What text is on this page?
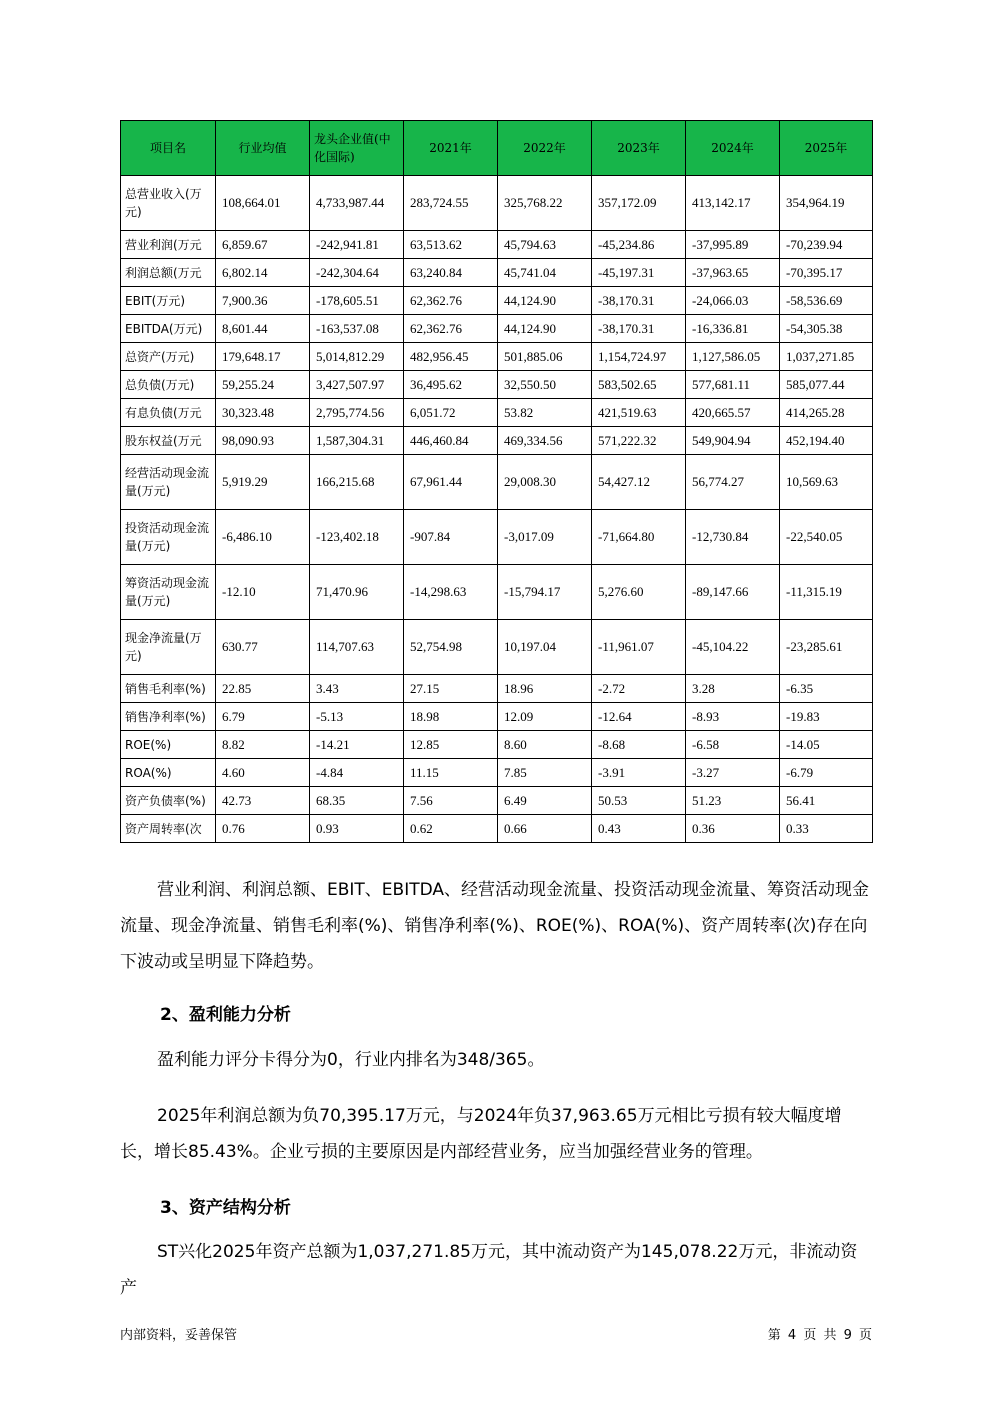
项目名	行业均值	龙头企业值(中化国际)	2021年	2022年	2023年	2024年	2025年
总营业收入(万元)	108,664.01	4,733,987.44	283,724.55	325,768.22	357,172.09	413,142.17	354,964.19
营业利润(万元	6,859.67	-242,941.81	63,513.62	45,794.63	-45,234.86	-37,995.89	-70,239.94
利润总额(万元	6,802.14	-242,304.64	63,240.84	45,741.04	-45,197.31	-37,963.65	-70,395.17
EBIT(万元)	7,900.36	-178,605.51	62,362.76	44,124.90	-38,170.31	-24,066.03	-58,536.69
EBITDA(万元)	8,601.44	-163,537.08	62,362.76	44,124.90	-38,170.31	-16,336.81	-54,305.38
总资产(万元)	179,648.17	5,014,812.29	482,956.45	501,885.06	1,154,724.97	1,127,586.05	1,037,271.85
总负债(万元)	59,255.24	3,427,507.97	36,495.62	32,550.50	583,502.65	577,681.11	585,077.44
有息负债(万元	30,323.48	2,795,774.56	6,051.72	53.82	421,519.63	420,665.57	414,265.28
股东权益(万元	98,090.93	1,587,304.31	446,460.84	469,334.56	571,222.32	549,904.94	452,194.40
经营活动现金流量(万元)	5,919.29	166,215.68	67,961.44	29,008.30	54,427.12	56,774.27	10,569.63
投资活动现金流量(万元)	-6,486.10	-123,402.18	-907.84	-3,017.09	-71,664.80	-12,730.84	-22,540.05
筹资活动现金流量(万元)	-12.10	71,470.96	-14,298.63	-15,794.17	5,276.60	-89,147.66	-11,315.19
现金净流量(万元)	630.77	114,707.63	52,754.98	10,197.04	-11,961.07	-45,104.22	-23,285.61
销售毛利率(%)	22.85	3.43	27.15	18.96	-2.72	3.28	-6.35
销售净利率(%)	6.79	-5.13	18.98	12.09	-12.64	-8.93	-19.83
ROE(%)	8.82	-14.21	12.85	8.60	-8.68	-6.58	-14.05
ROA(%)	4.60	-4.84	11.15	7.85	-3.91	-3.27	-6.79
资产负债率(%)	42.73	68.35	7.56	6.49	50.53	51.23	56.41
资产周转率(次	0.76	0.93	0.62	0.66	0.43	0.36	0.33

营业利润、利润总额、EBIT、EBITDA、经营活动现金流量、投资活动现金流量、筹资活动现金流量、现金净流量、销售毛利率(%)、销售净利率(%)、ROE(%)、ROA(%)、资产周转率(次)存在向下波动或呈明显下降趋势。

2、盈利能力分析

盈利能力评分卡得分为0，行业内排名为348/365。

2025年利润总额为负70,395.17万元，与2024年负37,963.65万元相比亏损有较大幅度增长，增长85.43%。企业亏损的主要原因是内部经营业务，应当加强经营业务的管理。

3、资产结构分析

ST兴化2025年资产总额为1,037,271.85万元，其中流动资产为145,078.22万元，非流动资产

内部资料，妥善保管	第 4 页 共 9 页
